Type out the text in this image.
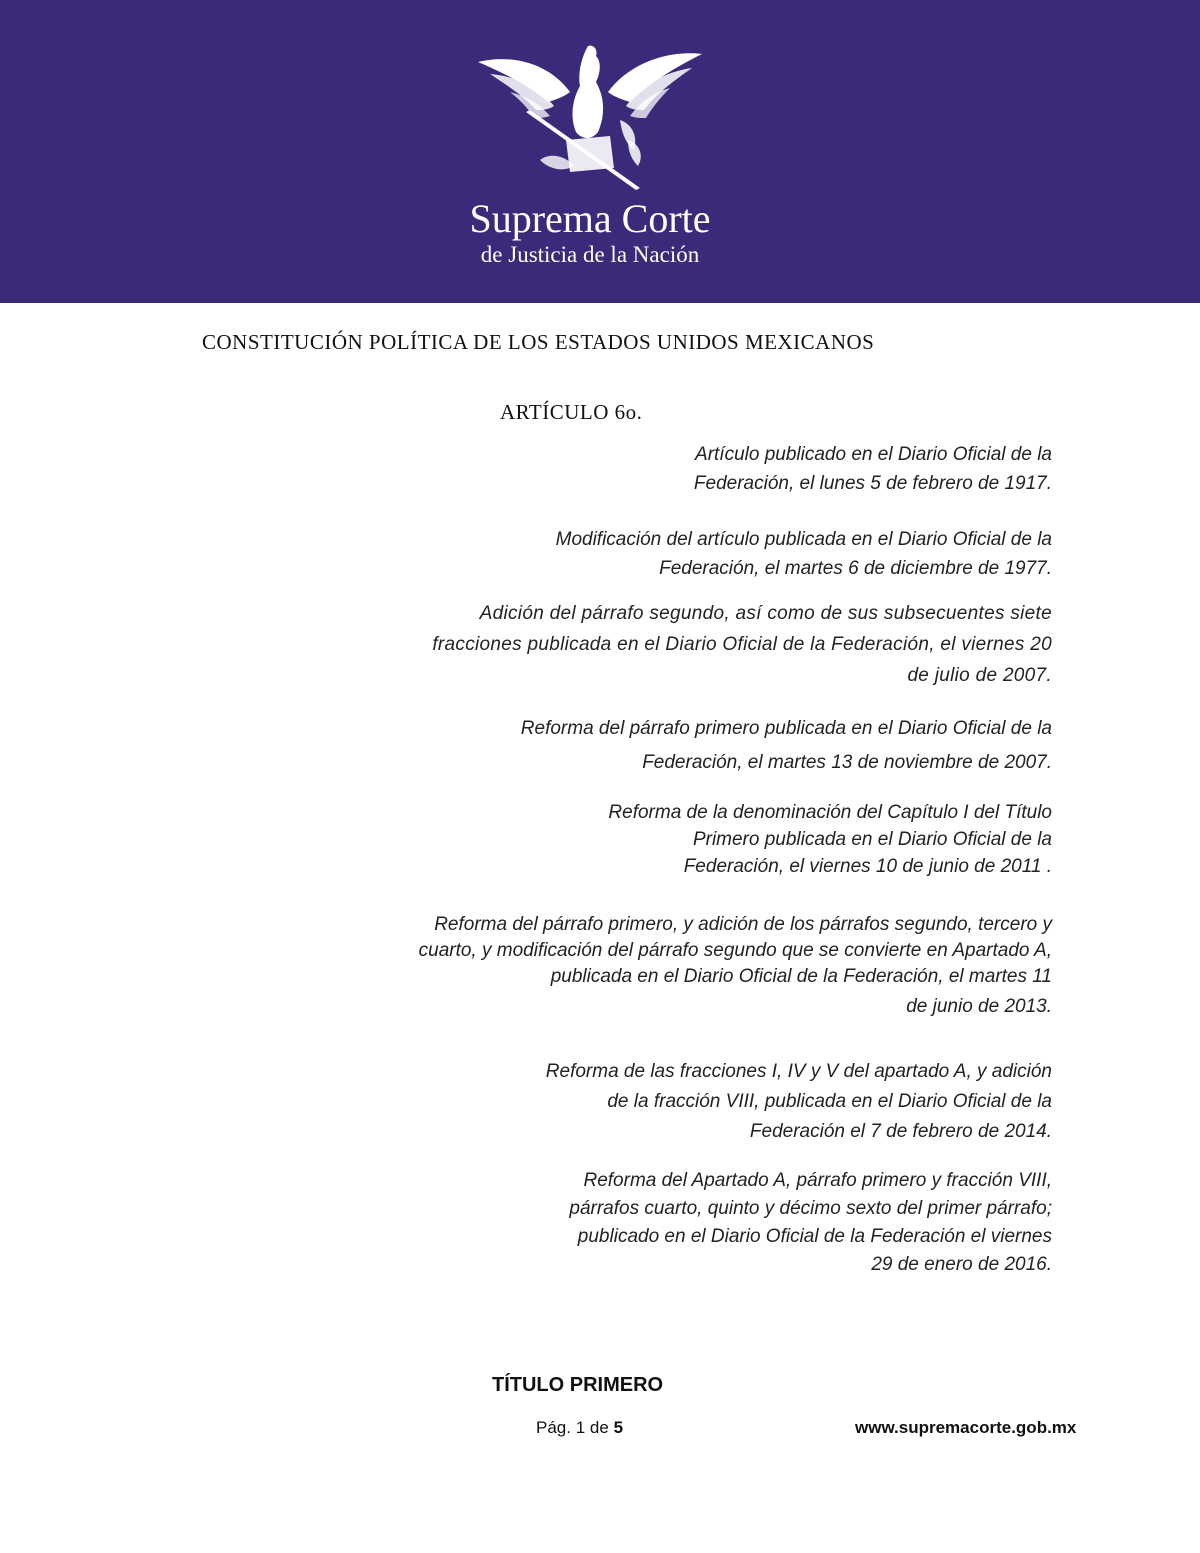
Suprema Corte
de Justicia de la Nación
CONSTITUCIÓN POLÍTICA DE LOS ESTADOS UNIDOS MEXICANOS
ARTÍCULO 6o.
Artículo publicado en el Diario Oficial de la
Federación, el lunes 5 de febrero de 1917.
Modificación del artículo publicada en el Diario Oficial de la
Federación, el martes 6 de diciembre de 1977.
Adición del párrafo segundo, así como de sus subsecuentes siete
fracciones publicada en el Diario Oficial de la Federación, el viernes 20
de julio de 2007.
Reforma del párrafo primero publicada en el Diario Oficial de la
Federación, el martes 13 de noviembre de 2007.
Reforma de la denominación del Capítulo I del Título
Primero publicada en el Diario Oficial de la
Federación, el viernes 10 de junio de 2011 .
Reforma del párrafo primero, y adición de los párrafos segundo, tercero y
cuarto, y modificación del párrafo segundo que se convierte en Apartado A,
publicada en el Diario Oficial de la Federación, el martes 11
de junio de 2013.
Reforma de las fracciones I, IV y V del apartado A, y adición
de la fracción VIII, publicada en el Diario Oficial de la
Federación el 7 de febrero de 2014.
Reforma del Apartado A, párrafo primero y fracción VIII,
párrafos cuarto, quinto y décimo sexto del primer párrafo;
publicado en el Diario Oficial de la Federación el viernes
29 de enero de 2016.
TÍTULO PRIMERO
Pág. 1 de 5	www.supremacorte.gob.mx
